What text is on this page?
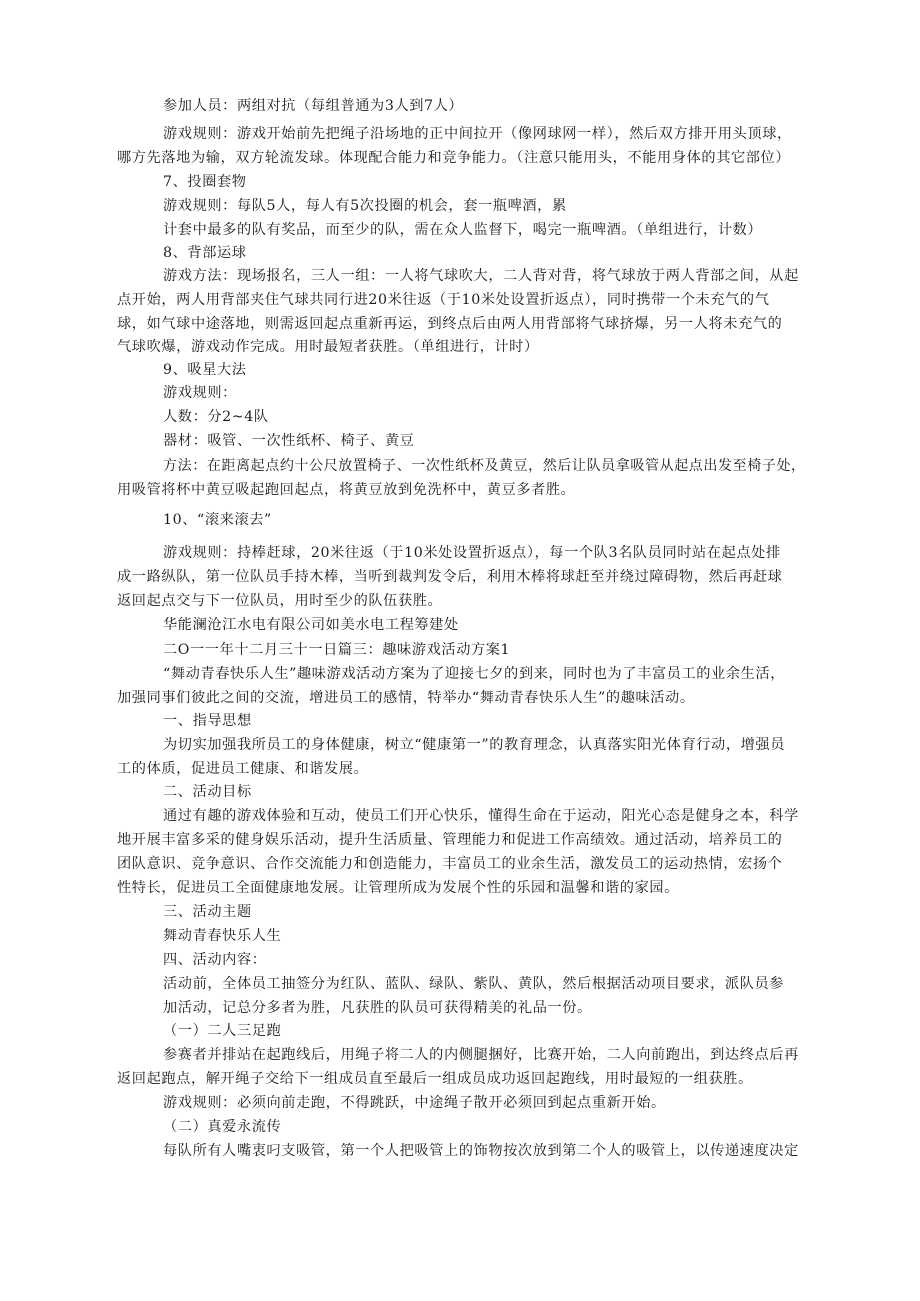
参加人员：两组对抗（每组普通为3人到7人）
游戏规则：游戏开始前先把绳子沿场地的正中间拉开（像网球网一样），然后双方排开用头顶球，
哪方先落地为输，双方轮流发球。体现配合能力和竞争能力。（注意只能用头，不能用身体的其它部位）
7、投圈套物
游戏规则：每队5人，每人有5次投圈的机会，套一瓶啤酒，累
计套中最多的队有奖品，而至少的队，需在众人监督下，喝完一瓶啤酒。（单组进行，计数）
8、背部运球
游戏方法：现场报名，三人一组：一人将气球吹大，二人背对背，将气球放于两人背部之间，从起
点开始，两人用背部夹住气球共同行进20米往返（于10米处设置折返点），同时携带一个未充气的气
球，如气球中途落地，则需返回起点重新再运，到终点后由两人用背部将气球挤爆，另一人将未充气的
气球吹爆，游戏动作完成。用时最短者获胜。（单组进行，计时）
9、吸星大法
游戏规则：
人数：分2~4队
器材：吸管、一次性纸杯、椅子、黄豆
方法：在距离起点约十公尺放置椅子、一次性纸杯及黄豆，然后让队员拿吸管从起点出发至椅子处，
用吸管将杯中黄豆吸起跑回起点，将黄豆放到免洗杯中，黄豆多者胜。
10、“滚来滚去”
游戏规则：持棒赶球，20米往返（于10米处设置折返点），每一个队3名队员同时站在起点处排
成一路纵队，第一位队员手持木棒，当听到裁判发令后，利用木棒将球赶至并绕过障碍物，然后再赶球
返回起点交与下一位队员，用时至少的队伍获胜。
华能澜沧江水电有限公司如美水电工程筹建处
二O一一年十二月三十一日篇三：趣味游戏活动方案1
“舞动青春快乐人生”趣味游戏活动方案为了迎接七夕的到来，同时也为了丰富员工的业余生活，
加强同事们彼此之间的交流，增进员工的感情，特举办“舞动青春快乐人生”的趣味活动。
一、指导思想
为切实加强我所员工的身体健康，树立“健康第一”的教育理念，认真落实阳光体育行动，增强员
工的体质，促进员工健康、和谐发展。
二、活动目标
通过有趣的游戏体验和互动，使员工们开心快乐，懂得生命在于运动，阳光心态是健身之本，科学
地开展丰富多采的健身娱乐活动，提升生活质量、管理能力和促进工作高绩效。通过活动，培养员工的
团队意识、竞争意识、合作交流能力和创造能力，丰富员工的业余生活，激发员工的运动热情，宏扬个
性特长，促进员工全面健康地发展。让管理所成为发展个性的乐园和温馨和谐的家园。
三、活动主题
舞动青春快乐人生
四、活动内容：
活动前，全体员工抽签分为红队、蓝队、绿队、紫队、黄队，然后根据活动项目要求，派队员参
加活动，记总分多者为胜，凡获胜的队员可获得精美的礼品一份。
（一）二人三足跑
参赛者并排站在起跑线后，用绳子将二人的内侧腿捆好，比赛开始，二人向前跑出，到达终点后再
返回起跑点，解开绳子交给下一组成员直至最后一组成员成功返回起跑线，用时最短的一组获胜。
游戏规则：必须向前走跑，不得跳跃，中途绳子散开必须回到起点重新开始。
（二）真爱永流传
每队所有人嘴衷叼支吸管，第一个人把吸管上的饰物按次放到第二个人的吸管上，以传递速度决定
